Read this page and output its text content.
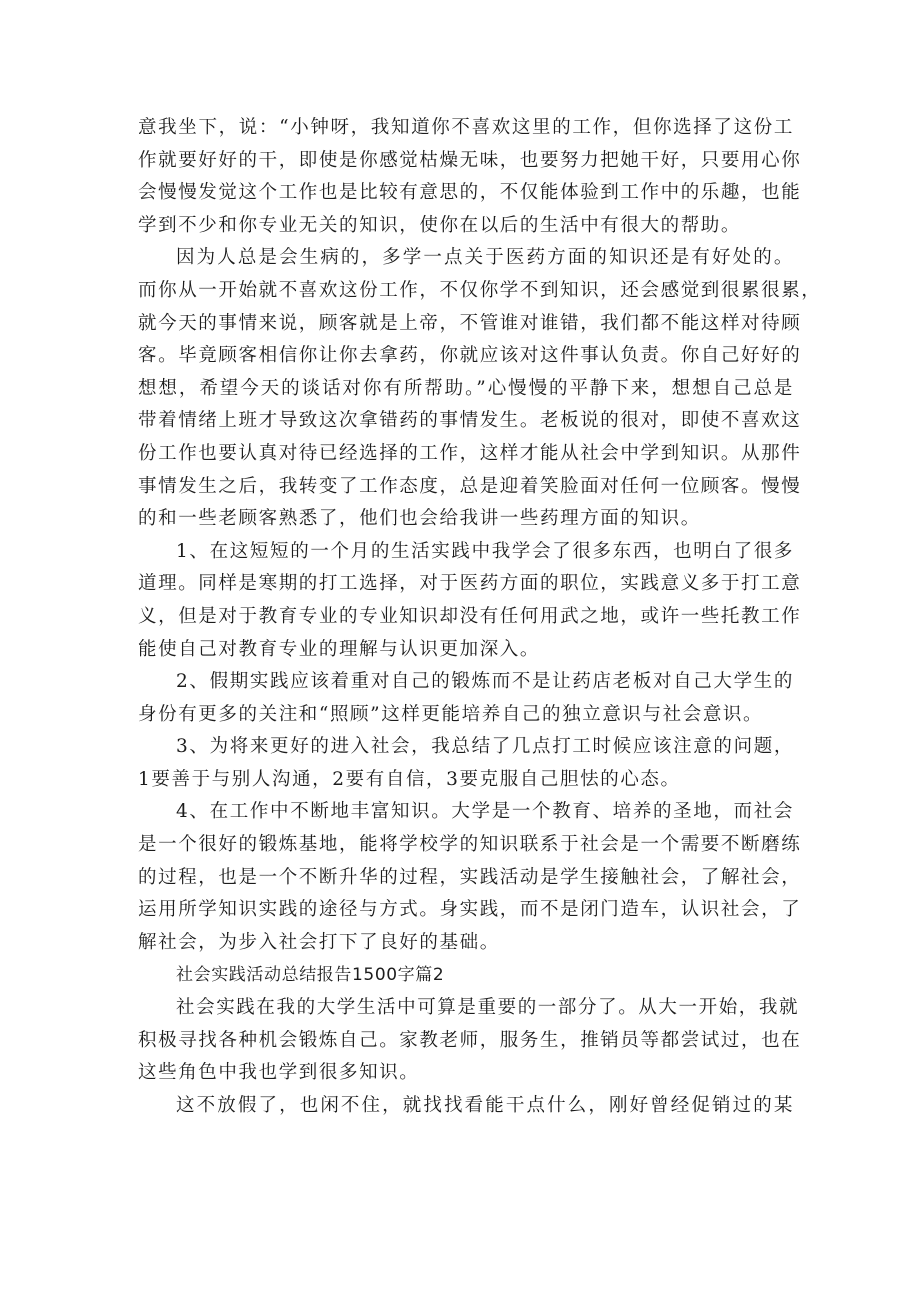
意我坐下，说：“小钟呀，我知道你不喜欢这里的工作，但你选择了这份工
作就要好好的干，即使是你感觉枯燥无味，也要努力把她干好，只要用心你
会慢慢发觉这个工作也是比较有意思的，不仅能体验到工作中的乐趣，也能
学到不少和你专业无关的知识，使你在以后的生活中有很大的帮助。

因为人总是会生病的，多学一点关于医药方面的知识还是有好处的。
而你从一开始就不喜欢这份工作，不仅你学不到知识，还会感觉到很累很累，
就今天的事情来说，顾客就是上帝，不管谁对谁错，我们都不能这样对待顾
客。毕竟顾客相信你让你去拿药，你就应该对这件事认负责。你自己好好的
想想，希望今天的谈话对你有所帮助。”心慢慢的平静下来，想想自己总是
带着情绪上班才导致这次拿错药的事情发生。老板说的很对，即使不喜欢这
份工作也要认真对待已经选择的工作，这样才能从社会中学到知识。从那件
事情发生之后，我转变了工作态度，总是迎着笑脸面对任何一位顾客。慢慢
的和一些老顾客熟悉了，他们也会给我讲一些药理方面的知识。

1、在这短短的一个月的生活实践中我学会了很多东西，也明白了很多
道理。同样是寒期的打工选择，对于医药方面的职位，实践意义多于打工意
义，但是对于教育专业的专业知识却没有任何用武之地，或许一些托教工作
能使自己对教育专业的理解与认识更加深入。

2、假期实践应该着重对自己的锻炼而不是让药店老板对自己大学生的
身份有更多的关注和“照顾”这样更能培养自己的独立意识与社会意识。

3、为将来更好的进入社会，我总结了几点打工时候应该注意的问题，
1要善于与别人沟通，2要有自信，3要克服自己胆怯的心态。

4、在工作中不断地丰富知识。大学是一个教育、培养的圣地，而社会
是一个很好的锻炼基地，能将学校学的知识联系于社会是一个需要不断磨练
的过程，也是一个不断升华的过程，实践活动是学生接触社会，了解社会，
运用所学知识实践的途径与方式。身实践，而不是闭门造车，认识社会，了
解社会，为步入社会打下了良好的基础。

社会实践活动总结报告1500字篇2

社会实践在我的大学生活中可算是重要的一部分了。从大一开始，我就
积极寻找各种机会锻炼自己。家教老师，服务生，推销员等都尝试过，也在
这些角色中我也学到很多知识。

这不放假了，也闲不住，就找找看能干点什么，刚好曾经促销过的某
